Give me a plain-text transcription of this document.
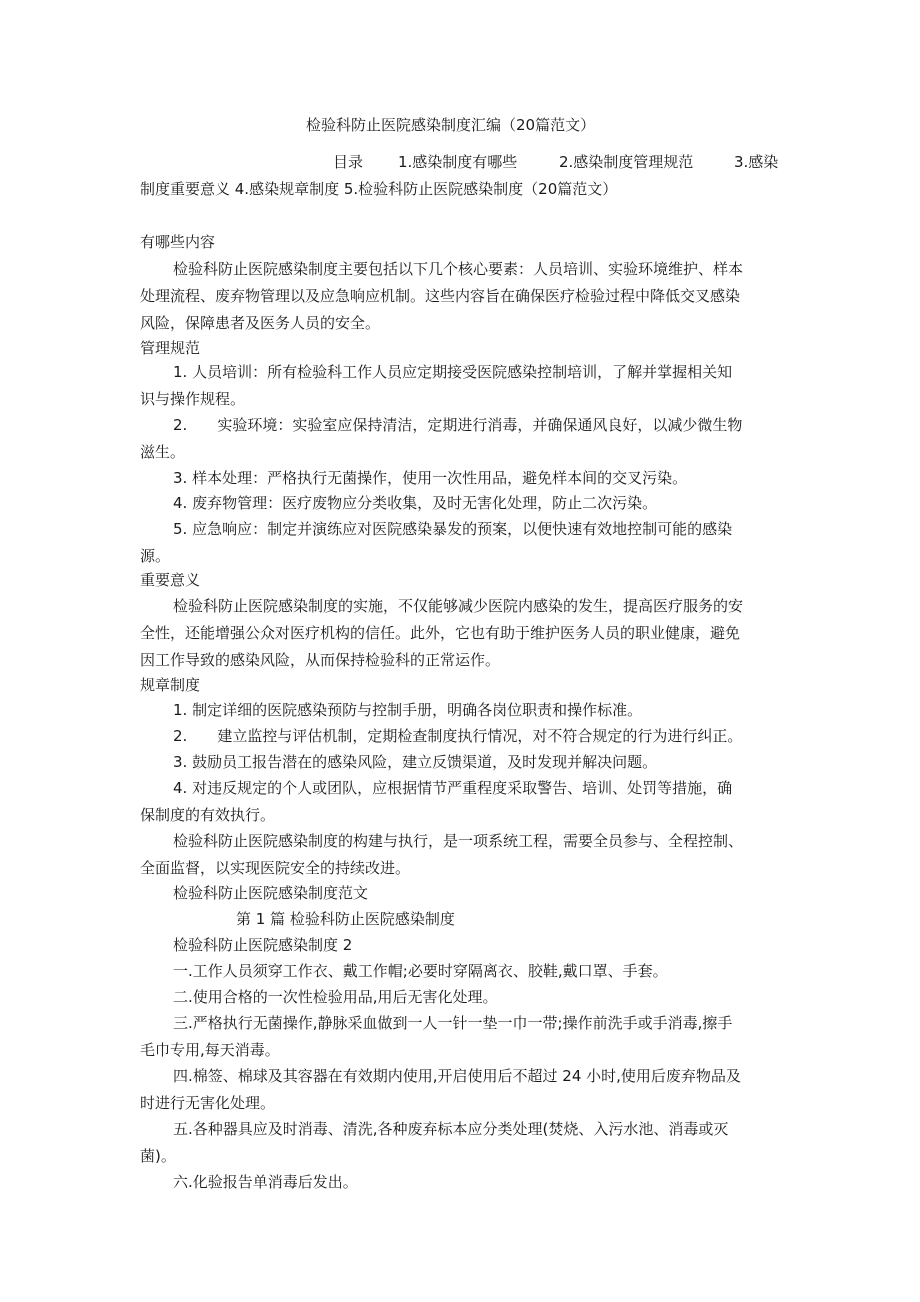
检验科防止医院感染制度汇编（20篇范文）

目录 1.感染制度有哪些	2.感染制度管理规范	3.感染

制度重要意义 4.感染规章制度 5.检验科防止医院感染制度（20篇范文）

有哪些内容

检验科防止医院感染制度主要包括以下几个核心要素：人员培训、实验环境维护、样本

处理流程、废弃物管理以及应急响应机制。这些内容旨在确保医疗检验过程中降低交叉感染

风险，保障患者及医务人员的安全。

管理规范

1. 人员培训：所有检验科工作人员应定期接受医院感染控制培训，了解并掌握相关知

识与操作规程。

2. 实验环境：实验室应保持清洁，定期进行消毒，并确保通风良好，以减少微生物

滋生。

3. 样本处理：严格执行无菌操作，使用一次性用品，避免样本间的交叉污染。

4. 废弃物管理：医疗废物应分类收集，及时无害化处理，防止二次污染。

5. 应急响应：制定并演练应对医院感染暴发的预案，以便快速有效地控制可能的感染

源。

重要意义

检验科防止医院感染制度的实施，不仅能够减少医院内感染的发生，提高医疗服务的安

全性，还能增强公众对医疗机构的信任。此外，它也有助于维护医务人员的职业健康，避免

因工作导致的感染风险，从而保持检验科的正常运作。

规章制度

1. 制定详细的医院感染预防与控制手册，明确各岗位职责和操作标准。

2. 建立监控与评估机制，定期检查制度执行情况，对不符合规定的行为进行纠正。

3. 鼓励员工报告潜在的感染风险，建立反馈渠道，及时发现并解决问题。

4. 对违反规定的个人或团队，应根据情节严重程度采取警告、培训、处罚等措施，确

保制度的有效执行。

检验科防止医院感染制度的构建与执行，是一项系统工程，需要全员参与、全程控制、

全面监督，以实现医院安全的持续改进。

检验科防止医院感染制度范文

第 1 篇 检验科防止医院感染制度

检验科防止医院感染制度 2

一.工作人员须穿工作衣、戴工作帽;必要时穿隔离衣、胶鞋,戴口罩、手套。

二.使用合格的一次性检验用品,用后无害化处理。

三.严格执行无菌操作,静脉采血做到一人一针一垫一巾一带;操作前洗手或手消毒,擦手

毛巾专用,每天消毒。

四.棉签、棉球及其容器在有效期内使用,开启使用后不超过 24 小时,使用后废弃物品及

时进行无害化处理。

五.各种器具应及时消毒、清洗,各种废弃标本应分类处理(焚烧、入污水池、消毒或灭

菌)。

六.化验报告单消毒后发出。
